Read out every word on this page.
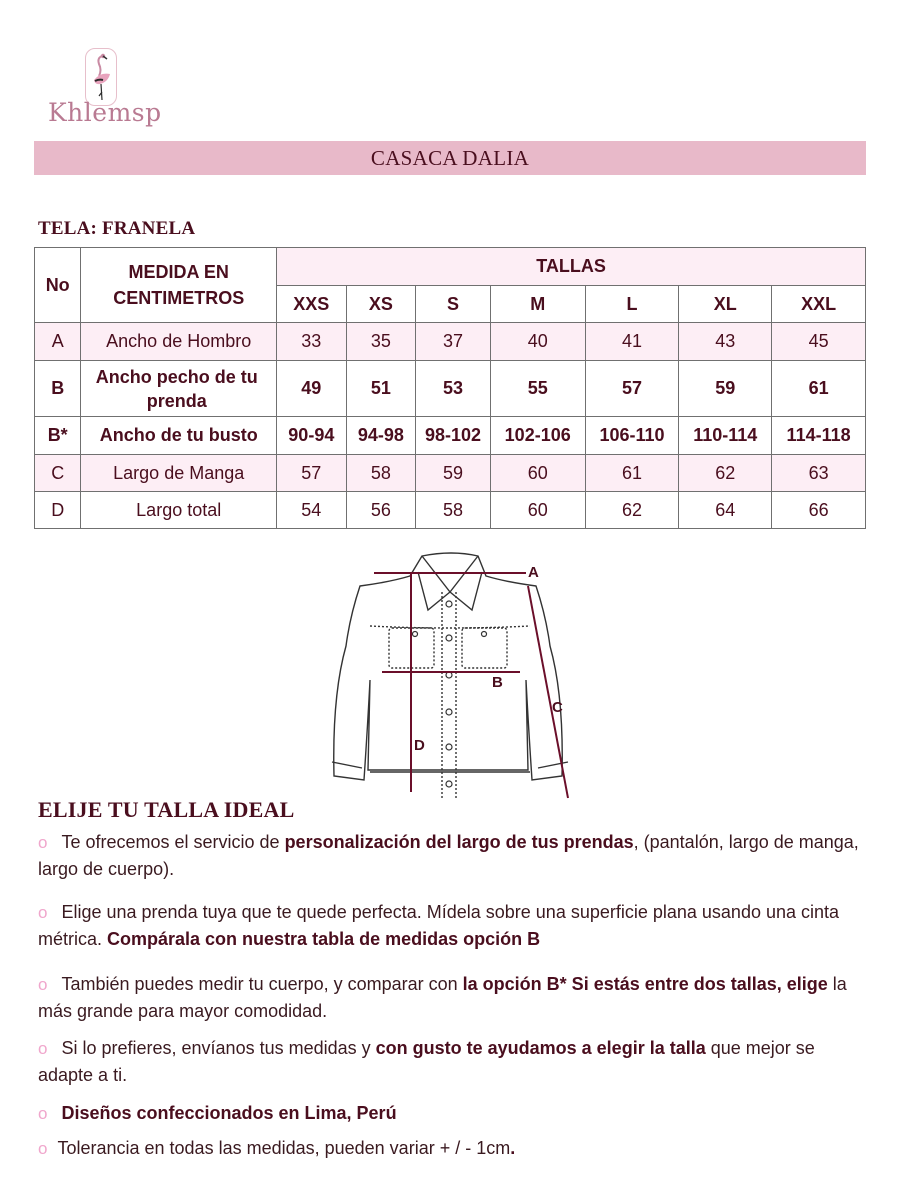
Khlemsp
CASACA DALIA
TELA: FRANELA
No	MEDIDA EN CENTIMETROS	TALLAS						
		XXS	XS	S	M	L	XL	XXL
A	Ancho de Hombro	33	35	37	40	41	43	45
B	Ancho pecho de tu prenda	49	51	53	55	57	59	61
B*	Ancho de tu busto	90-94	94-98	98-102	102-106	106-110	110-114	114-118
C	Largo de Manga	57	58	59	60	61	62	63
D	Largo total	54	56	58	60	62	64	66
A
B
C
D
ELIJE TU TALLA IDEAL
o Te ofrecemos el servicio de personalización del largo de tus prendas, (pantalón, largo de manga, largo de cuerpo).
o Elige una prenda tuya que te quede perfecta. Mídela sobre una superficie plana usando una cinta métrica. Compárala con nuestra tabla de medidas opción B
o También puedes medir tu cuerpo, y comparar con la opción B* Si estás entre dos tallas, elige la más grande para mayor comodidad.
o Si lo prefieres, envíanos tus medidas y con gusto te ayudamos a elegir la talla que mejor se adapte a ti.
o Diseños confeccionados en Lima, Perú
o Tolerancia en todas las medidas, pueden variar + / - 1cm.
